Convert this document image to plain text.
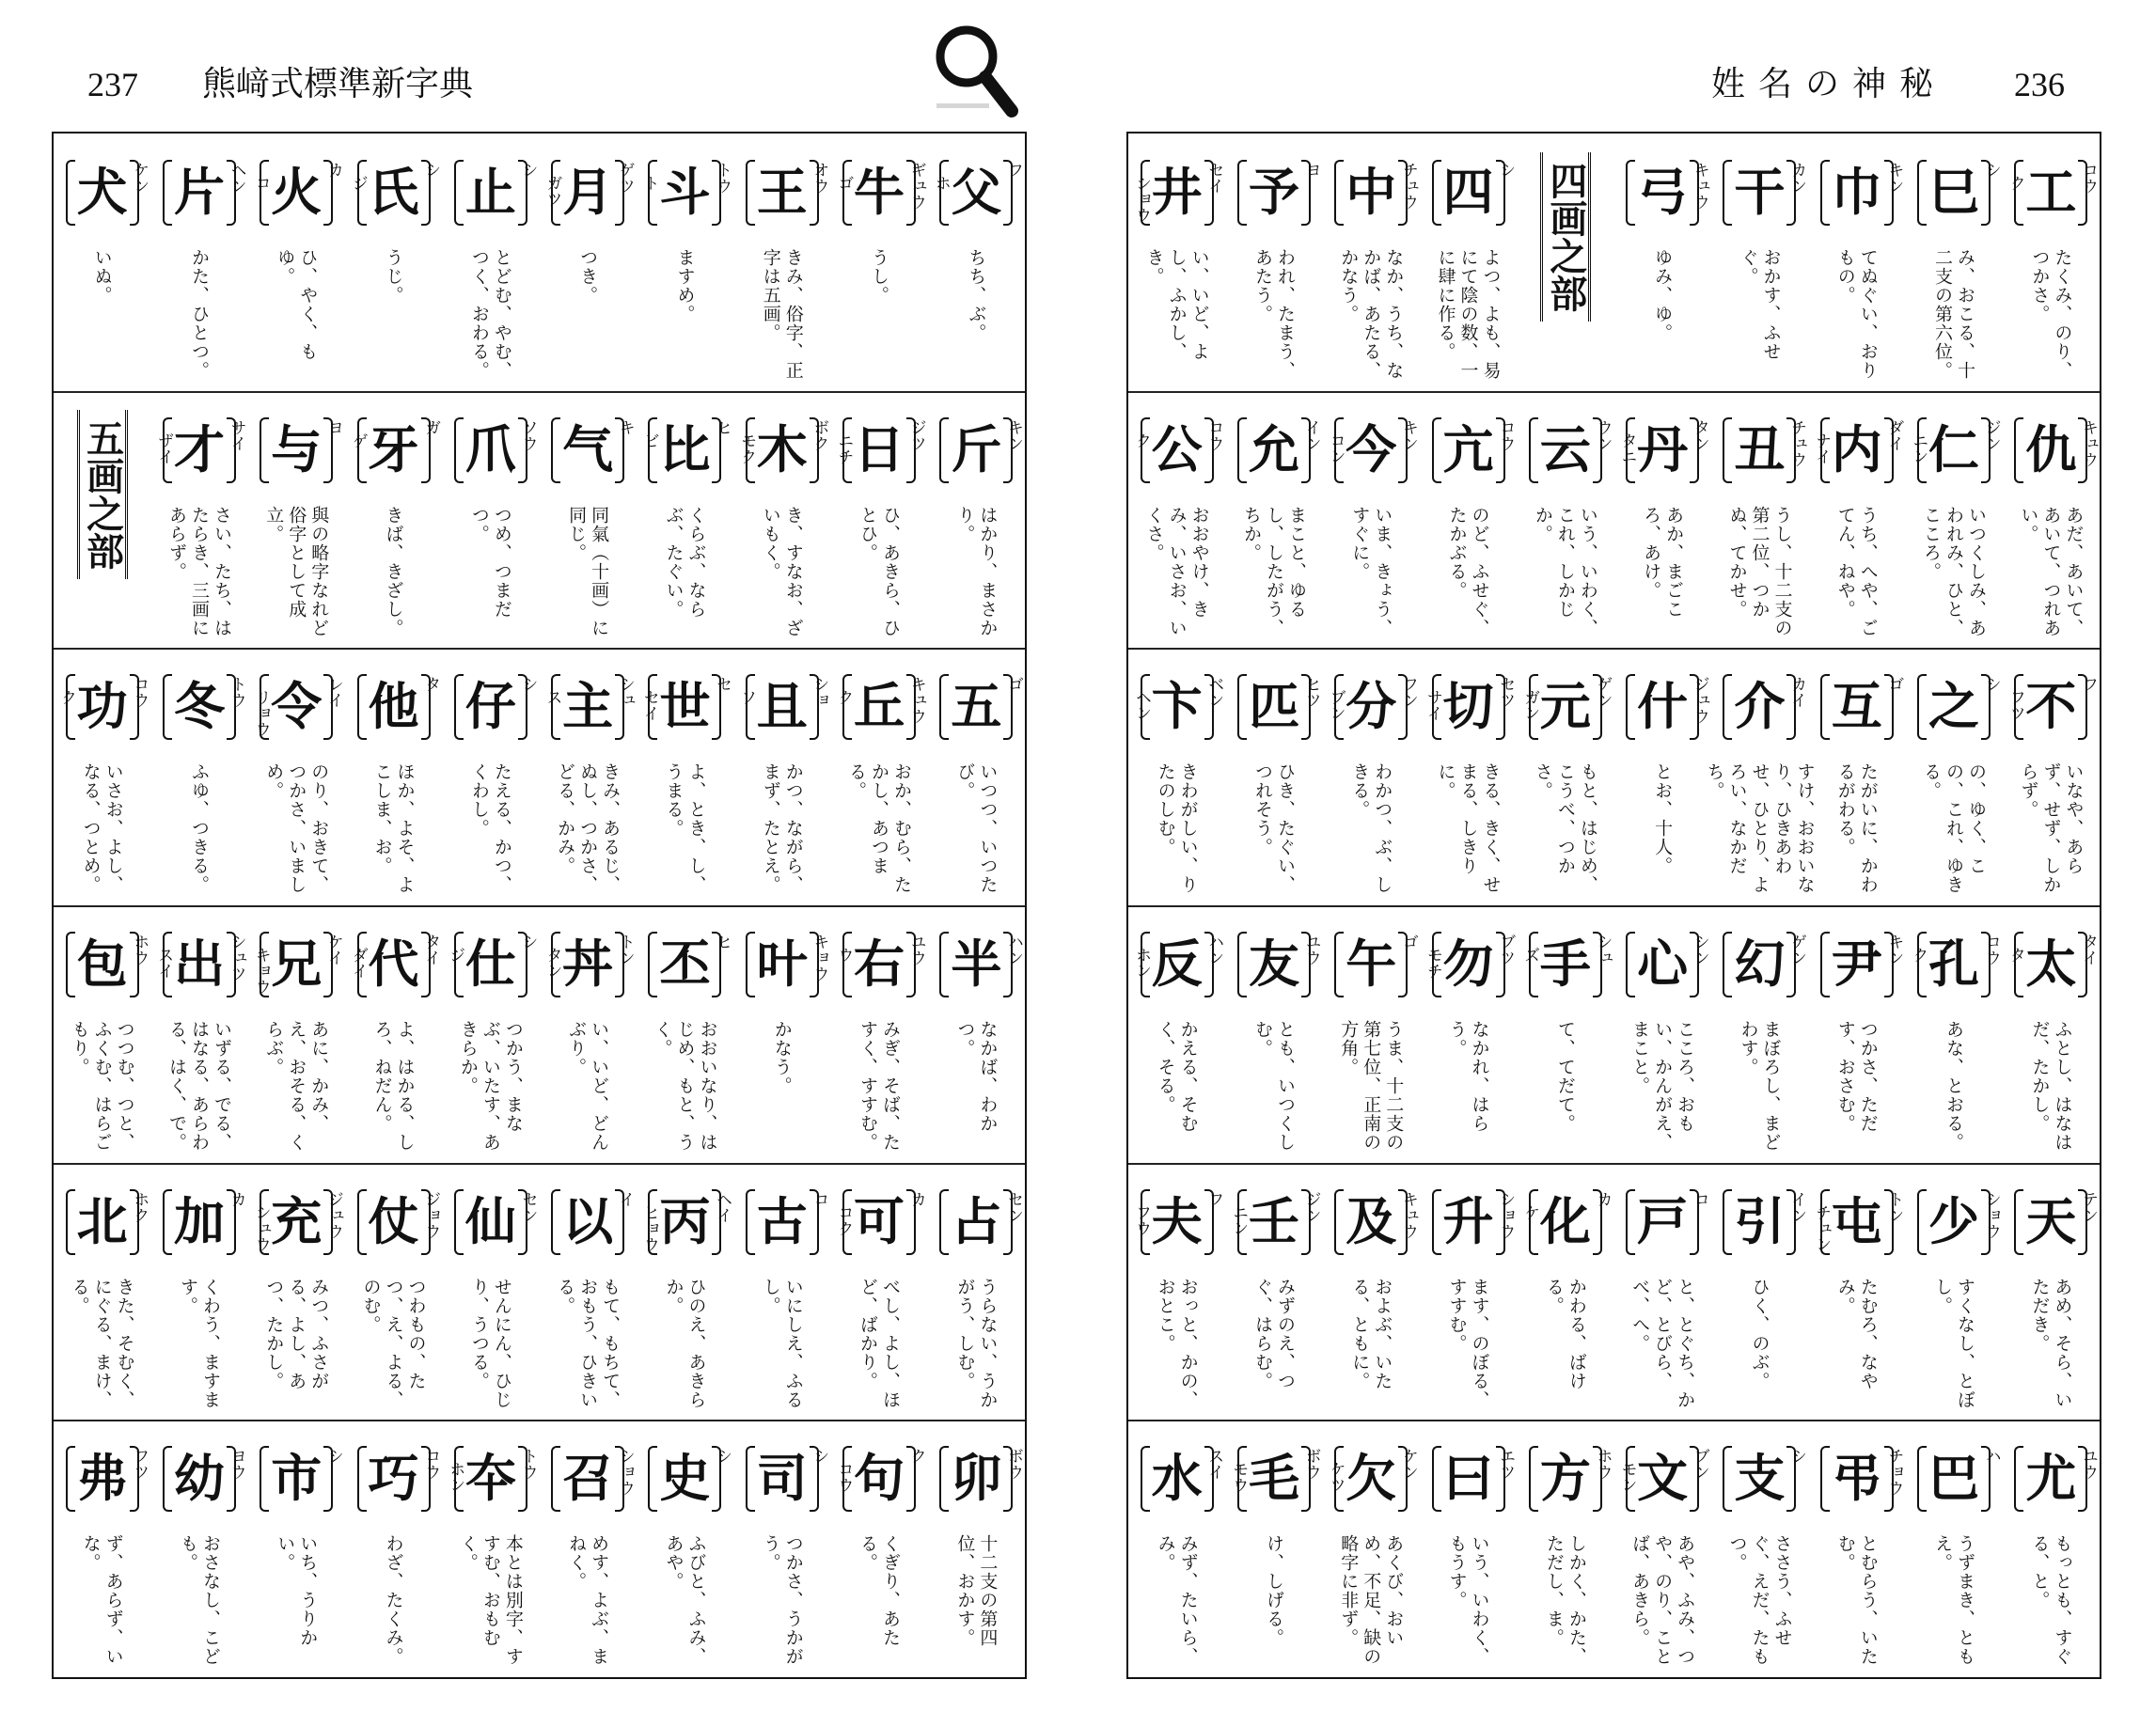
237 熊﨑式標準新字典	姓名の神秘 236
犬 ケン
いぬ。
片 ヘン
かた、ひとつ。
火 カ
コ
ひ、やく、もゆ。
氏 シ
ジ
うじ。
止 シ
とどむ、やむ、つく、おわる。
月 ゲツ
ガツ
つき。
斗 トウ
ト
ますめ。
王 オウ
きみ、俗字、正字は五画。
牛 ギュウ
ゴ
うし。
父 フ
ホ
ちち、ぶ。
五画之部 才 サイ
ザイ
さい、たち、はたらき、三画にあらず。
与 ヨ
與の略字なれど俗字として成立。
牙 ガ
ゲ
きば、きざし。
爪 ソウ
つめ、つまだつ。
气 キ
同氣（十画）に同じ。
比 ヒ
ビ
くらぶ、ならぶ、たぐい。
木 ボク
モク
き、すなお、ざいもく。
日 ジツ
ニチ
ひ、あきら、ひとひ。
斤 キン
はかり、まさかり。
功 コウ
ク
いさお、よし、なる、つとめ。
冬 トウ
ふゆ、つきる。
令 レイ
リョウ
のり、おきて、つかさ、いましめ。
他 タ
ほか、よそ、よこしま、お。
仔 シ
たえる、かつ、くわし。
主 シュ
ス
きみ、あるじ、ぬし、つかさ、どる、かみ。
世 セ
セイ
よ、とき、し、うまる。
且 ショ
ソ
かつ、ながら、まず、たとえ。
丘 キュウ
ク
おか、むら、たかし、あつまる。
五 ゴ
いつつ、いつたび。
包 ホウ
つつむ、つと、ふくむ、はらごもり。
出 シュツ
スイ
いずる、でる、はなる、あらわる、はく、で。
兄 ケイ
キョウ
あに、かみ、え、おそる、くらぶ。
代 タイ
ダイ
よ、はかる、しろ、ねだん。
仕 シ
ジ
つかう、まなぶ、いたす、あきらか。
丼 トン
タン
い、いど、どんぶり。
丕 ヒ
おおいなり、はじめ、もと、うく。
叶 キョウ
かなう。
右 ユウ
ウ
みぎ、そば、たすく、すすむ。
半 ハン
なかば、わかつ。
北 ホク
きた、そむく、にぐる、まけ、る。
加 カ
くわう、ますます。
充 ジュウ
シュウ
みつ、ふさがる、よし、あつ、たかし。
仗 ジョウ
つわもの、たつ、え、よる、のむ。
仙 セン
せんにん、ひじり、うつる。
以 イ
もて、もちて、おもう、ひきいる。
丙 ヘイ
ヒョウ
ひのえ、あきらか。
古 コ
いにしえ、ふるし。
可 カ
コク
べし、よし、ほど、ばかり。
占 セン
うらない、うかがう、しむ。
弗 フツ
ず、あらず、いな。
幼 ヨウ
おさなし、こども。
市 シ
いち、うりかい。
巧 コウ
わざ、たくみ。
夲 トウ
ホン
本とは別字、すすむ、おもむく。
召 ショウ
めす、よぶ、まねく。
史 シ
ふびと、ふみ、あや。
司 シ
つかさ、うかがう。
句 ク
コウ
くぎり、あたる。
卯 ボウ
十二支の第四位、おかす。
井 セイ
ショウ
い、いど、よし、ふかし、き。
予 ヨ
われ、たまう、あたう。
中 チュウ
なか、うち、なかば、あたる、かなう。
四 シ
よつ、よも、易にて陰の数、一に肆に作る。	四画之部 弓 キュウ
ゆみ、ゆ。
干 カン
おかす、ふせぐ。
巾 キン
てぬぐい、おりもの。
巳 シ
み、おこる、十二支の第六位。
工 コウ
ク
たくみ、のり、つかさ。
公 コウ
ク
おおやけ、きみ、いさお、いくさ。
允 イン
まこと、ゆるし、したがう、ちか。
今 キン
コン
いま、きょう、すぐに。
亢 コウ
のど、ふせぐ、たかぶる。
云 ウン
いう、いわく、これ、しかじか。
丹 タン
タニ
あか、まごころ、あけ。
丑 チュウ
うし、十二支の第二位、つかぬ、てかせ。
内 ダイ
ナイ
うち、へや、ごてん、ねや。
仁 ジン
ニン
いつくしみ、あわれみ、ひと、こころ。
仇 キュウ
あだ、あいて、あいて、つれあい。
卞 ベン
ヘン
きわがしい、りたのしむ。
匹 ヒツ
ひき、たぐい、つれそう。
分 フン
ブン
わかつ、ぶ、しきる。
切 セツ
サイ
きる、きく、せまる、しきりに。
元 ゲン
ガン
もと、はじめ、こうべ、つかさ。
什 ジュウ
とお、十人。
介 カイ
すけ、おおいなり、ひきあわせ、ひとり、よろい、なかだち。
互 ゴ
たがいに、かわるがわる。
之 シ
の、ゆく、この、これ、ゆきる。
不 フ
フツ
いなや、あらず、せず、しからず。
反 ハン
ホン
かえる、そむく、そる。
友 ユウ
とも、いつくしむ。
午 ゴ
うま、十二支の第七位、正南の方角。
勿 ブツ
モチ
なかれ、はらう。
手 シュ
ズ
て、てだて。
心 シン
こころ、おもい、かんがえ、まこと。
幻 ゲン
まぼろし、まどわす。
尹 キン
つかさ、ただす、おさむ。
孔 コウ
ク
あな、とおる。
太 タイ
タ
ふとし、はなはだ、たかし。
夫 フ
フウ
おっと、かの、おとこ。
壬 ジン
ニン
みずのえ、つぐ、はらむ。
及 キュウ
およぶ、いたる、ともに。
升 ショウ
ます、のぼる、すすむ。
化 カ
ケ
かわる、ばける。
戸 コ
と、とぐち、かど、とびら、べ、へ。
引 イン
ひく、のぶ。
屯 トン
チュン
たむろ、なやみ。
少 ショウ
すくなし、とぼし。
天 テン
あめ、そら、いただき。
水 スイ
みず、たいら、み。
毛 ボウ
モウ
け、しげる。
欠 ケン
ケツ
あくび、おいめ、不足、缺の略字に非ず。
曰 エツ
いう、いわく、もうす。
方 ホウ
しかく、かた、ただし、ま。
文 ブン
モン
あや、ふみ、つや、のり、ことば、あきら。
支 シ
ささう、ふせぐ、えだ、たもつ。
弔 チョウ
とむらう、いたむ。
巴 ハ
うずまき、ともえ。
尤 ユウ
もっとも、すぐる、と。
